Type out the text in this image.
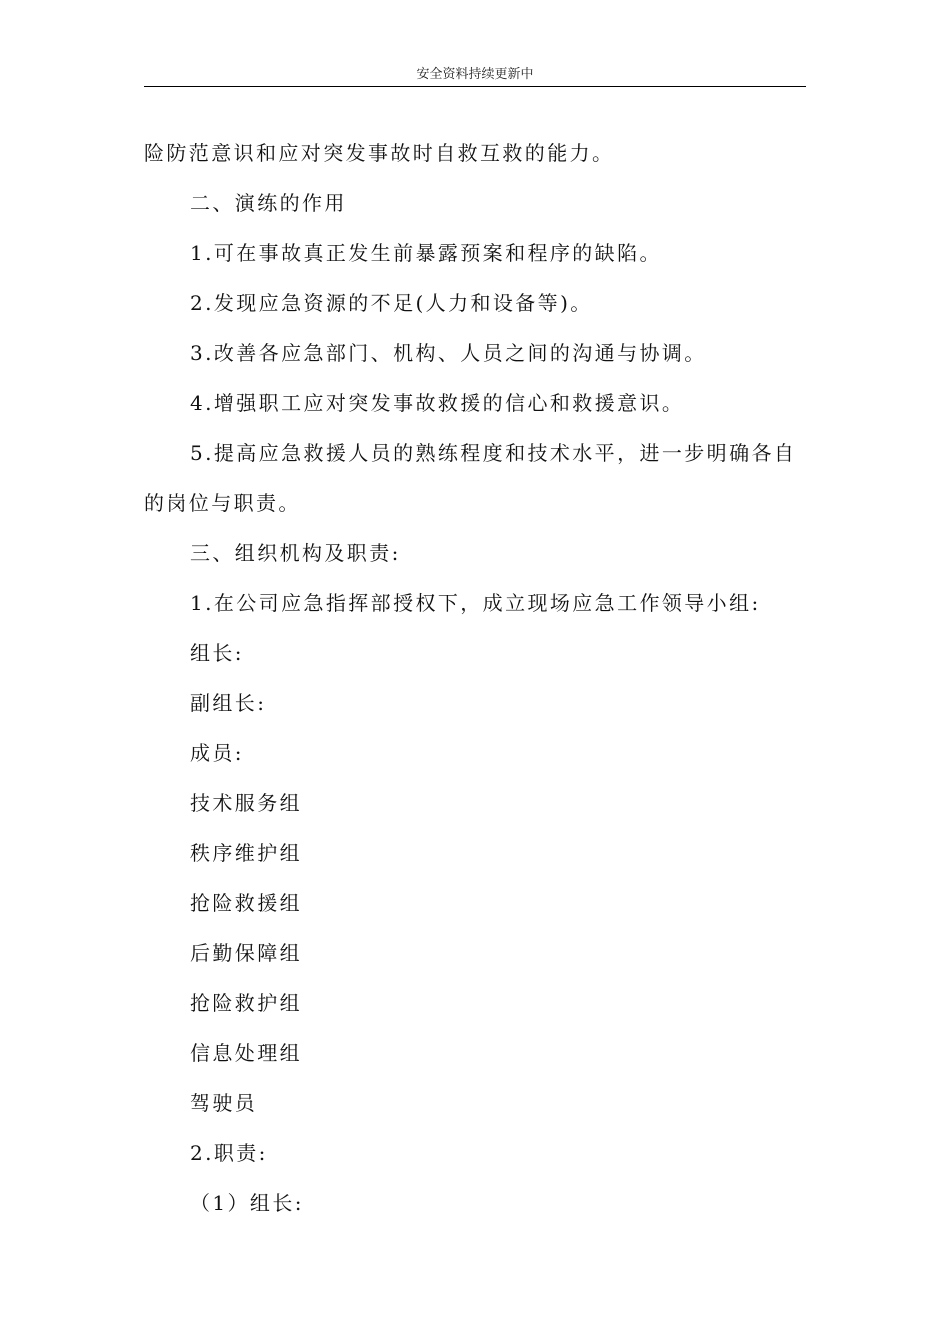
安全资料持续更新中

险防范意识和应对突发事故时自救互救的能力。

二、演练的作用

1.可在事故真正发生前暴露预案和程序的缺陷。

2.发现应急资源的不足(人力和设备等)。

3.改善各应急部门、机构、人员之间的沟通与协调。

4.增强职工应对突发事故救援的信心和救援意识。

5.提高应急救援人员的熟练程度和技术水平，进一步明确各自

的岗位与职责。

三、组织机构及职责:

1.在公司应急指挥部授权下，成立现场应急工作领导小组:

组长:

副组长:

成员:

技术服务组

秩序维护组

抢险救援组

后勤保障组

抢险救护组

信息处理组

驾驶员

2.职责:

（1）组长:
